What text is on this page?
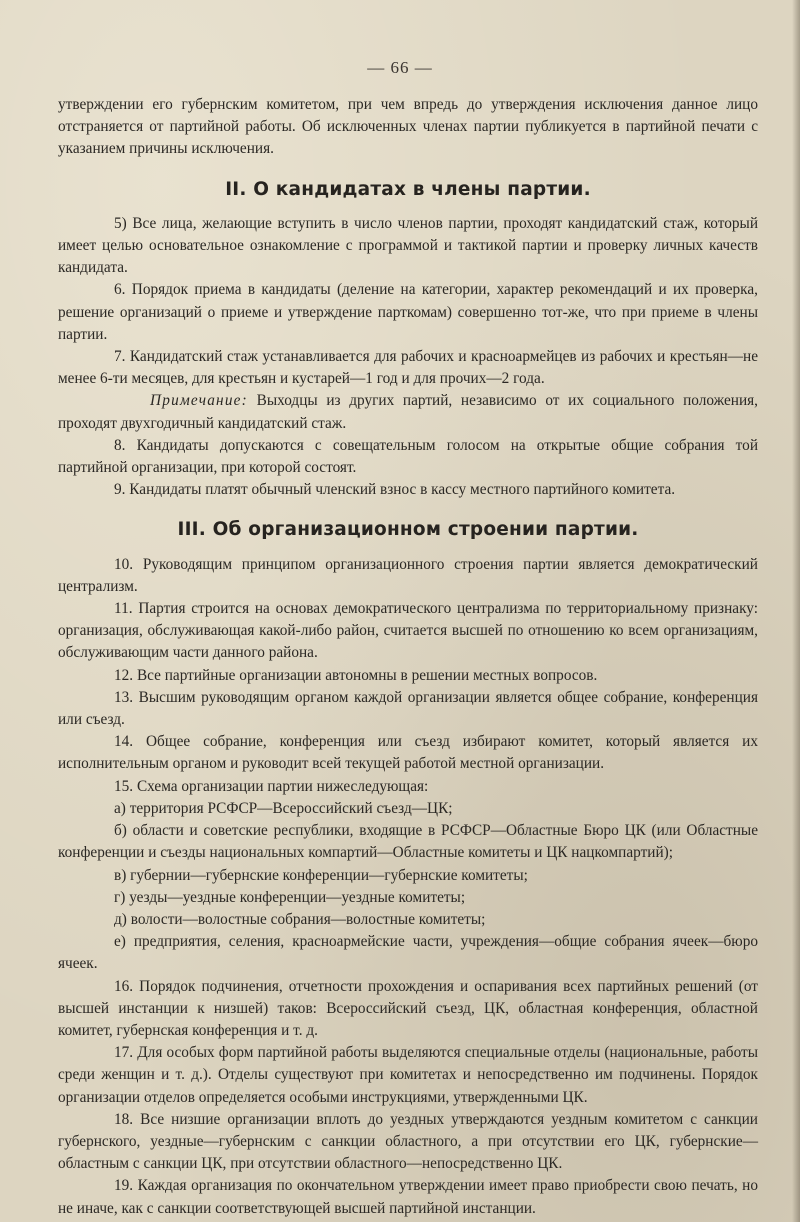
— 66 —

утверждении его губернским комитетом, при чем впредь до утверждения исключения данное лицо отстраняется от партийной работы. Об исключенных членах партии публикуется в партийной печати с указанием причины исключения.

II. О кандидатах в члены партии.

5) Все лица, желающие вступить в число членов партии, проходят кандидатский стаж, который имеет целью основательное ознакомление с программой и тактикой партии и проверку личных качеств кандидата.

6. Порядок приема в кандидаты (деление на категории, характер рекомендаций и их проверка, решение организаций о приеме и утверждение парткомам) совершенно тот-же, что при приеме в члены партии.

7. Кандидатский стаж устанавливается для рабочих и красноармейцев из рабочих и крестьян—не менее 6-ти месяцев, для крестьян и кустарей—1 год и для прочих—2 года.

Примечание: Выходцы из других партий, независимо от их социального положения, проходят двухгодичный кандидатский стаж.

8. Кандидаты допускаются с совещательным голосом на открытые общие собрания той партийной организации, при которой состоят.

9. Кандидаты платят обычный членский взнос в кассу местного партийного комитета.

III. Об организационном строении партии.

10. Руководящим принципом организационного строения партии является демократический централизм.

11. Партия строится на основах демократического централизма по территориальному признаку: организация, обслуживающая какой-либо район, считается высшей по отношению ко всем организациям, обслуживающим части данного района.

12. Все партийные организации автономны в решении местных вопросов.

13. Высшим руководящим органом каждой организации является общее собрание, конференция или съезд.

14. Общее собрание, конференция или съезд избирают комитет, который является их исполнительным органом и руководит всей текущей работой местной организации.

15. Схема организации партии нижеследующая:

а) территория РСФСР—Всероссийский съезд—ЦК;

б) области и советские республики, входящие в РСФСР—Областные Бюро ЦК (или Областные конференции и съезды национальных компартий—Областные комитеты и ЦК нацкомпартий);

в) губернии—губернские конференции—губернские комитеты;

г) уезды—уездные конференции—уездные комитеты;

д) волости—волостные собрания—волостные комитеты;

е) предприятия, селения, красноармейские части, учреждения—общие собрания ячеек—бюро ячеек.

16. Порядок подчинения, отчетности прохождения и оспаривания всех партийных решений (от высшей инстанции к низшей) таков: Всероссийский съезд, ЦК, областная конференция, областной комитет, губернская конференция и т. д.

17. Для особых форм партийной работы выделяются специальные отделы (национальные, работы среди женщин и т. д.). Отделы существуют при комитетах и непосредственно им подчинены. Порядок организации отделов определяется особыми инструкциями, утвержденными ЦК.

18. Все низшие организации вплоть до уездных утверждаются уездным комитетом с санкции губернского, уездные—губернским с санкции областного, а при отсутствии его ЦК, губернские—областным с санкции ЦК, при отсутствии областного—непосредственно ЦК.

19. Каждая организация по окончательном утверждении имеет право приобрести свою печать, но не иначе, как с санкции соответствующей высшей партийной инстанции.
